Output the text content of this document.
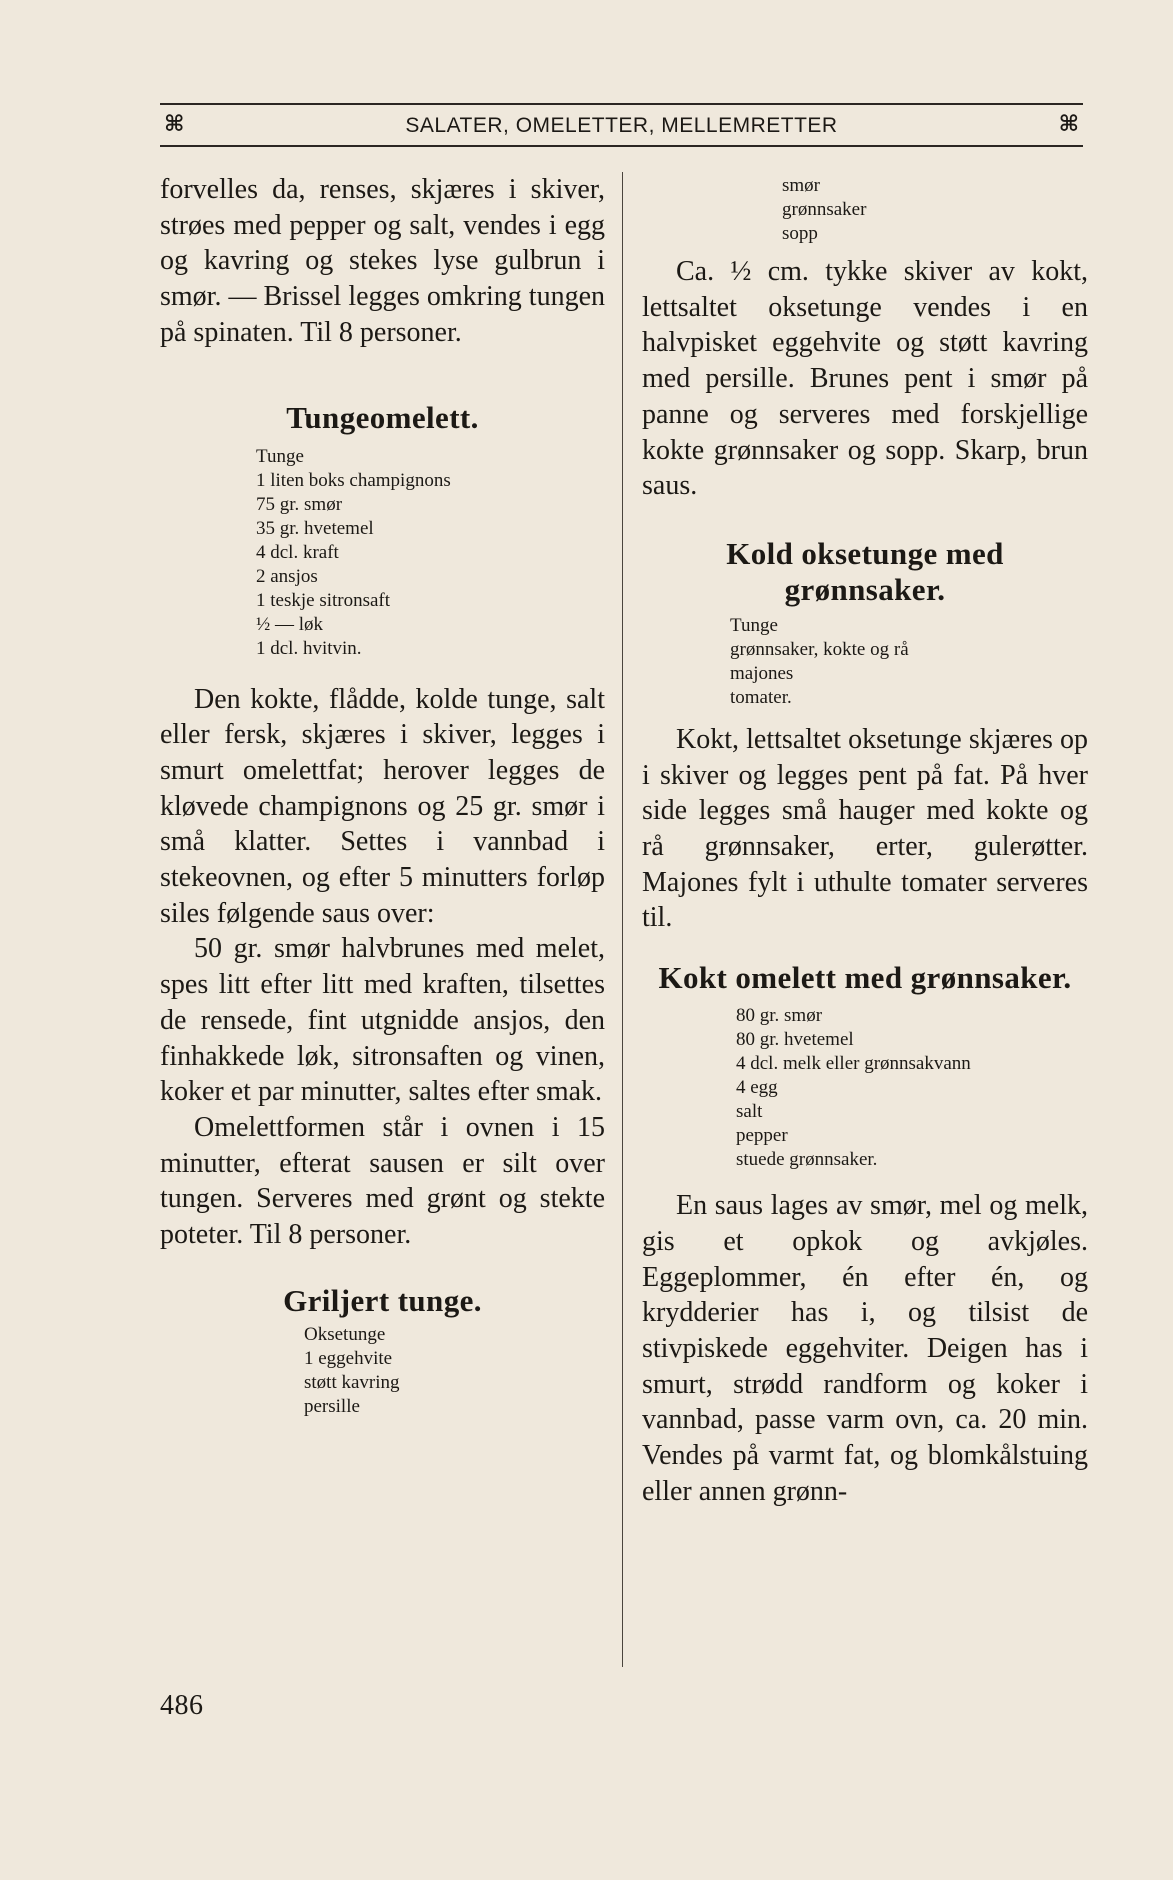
⌘	SALATER, OMELETTER, MELLEMRETTER	⌘

forvelles da, renses, skjæres i skiver, strøes med pepper og salt, vendes i egg og kavring og stekes lyse gulbrun i smør. — Brissel legges omkring tungen på spinaten. Til 8 personer.

Tungeomelett.
Tunge
1 liten boks champignons
75 gr. smør
35 gr. hvetemel
4 dcl. kraft
2 ansjos
1 teskje sitronsaft
½ — løk
1 dcl. hvitvin.

Den kokte, flådde, kolde tunge, salt eller fersk, skjæres i skiver, legges i smurt omelettfat; herover legges de kløvede champignons og 25 gr. smør i små klatter. Settes i vannbad i stekeovnen, og efter 5 minutters forløp siles følgende saus over:

50 gr. smør halvbrunes med melet, spes litt efter litt med kraften, tilsettes de rensede, fint utgnidde ansjos, den finhakkede løk, sitronsaften og vinen, koker et par minutter, saltes efter smak.

Omelettformen står i ovnen i 15 minutter, efterat sausen er silt over tungen. Serveres med grønt og stekte poteter. Til 8 personer.

Griljert tunge.
Oksetunge
1 eggehvite
støtt kavring
persille
smør
grønnsaker
sopp

Ca. ½ cm. tykke skiver av kokt, lettsaltet oksetunge vendes i en halvpisket eggehvite og støtt kavring med persille. Brunes pent i smør på panne og serveres med forskjellige kokte grønnsaker og sopp. Skarp, brun saus.

Kold oksetunge med grønnsaker.
Tunge
grønnsaker, kokte og rå
majones
tomater.

Kokt, lettsaltet oksetunge skjæres op i skiver og legges pent på fat. På hver side legges små hauger med kokte og rå grønnsaker, erter, gulerøtter. Majones fylt i uthulte tomater serveres til.

Kokt omelett med grønnsaker.
80 gr. smør
80 gr. hvetemel
4 dcl. melk eller grønnsakvann
4 egg
salt
pepper
stuede grønnsaker.

En saus lages av smør, mel og melk, gis et opkok og avkjøles. Eggeplommer, én efter én, og krydderier has i, og tilsist de stivpiskede eggehviter. Deigen has i smurt, strødd randform og koker i vannbad, passe varm ovn, ca. 20 min. Vendes på varmt fat, og blomkålstuing eller annen grønn-

486
